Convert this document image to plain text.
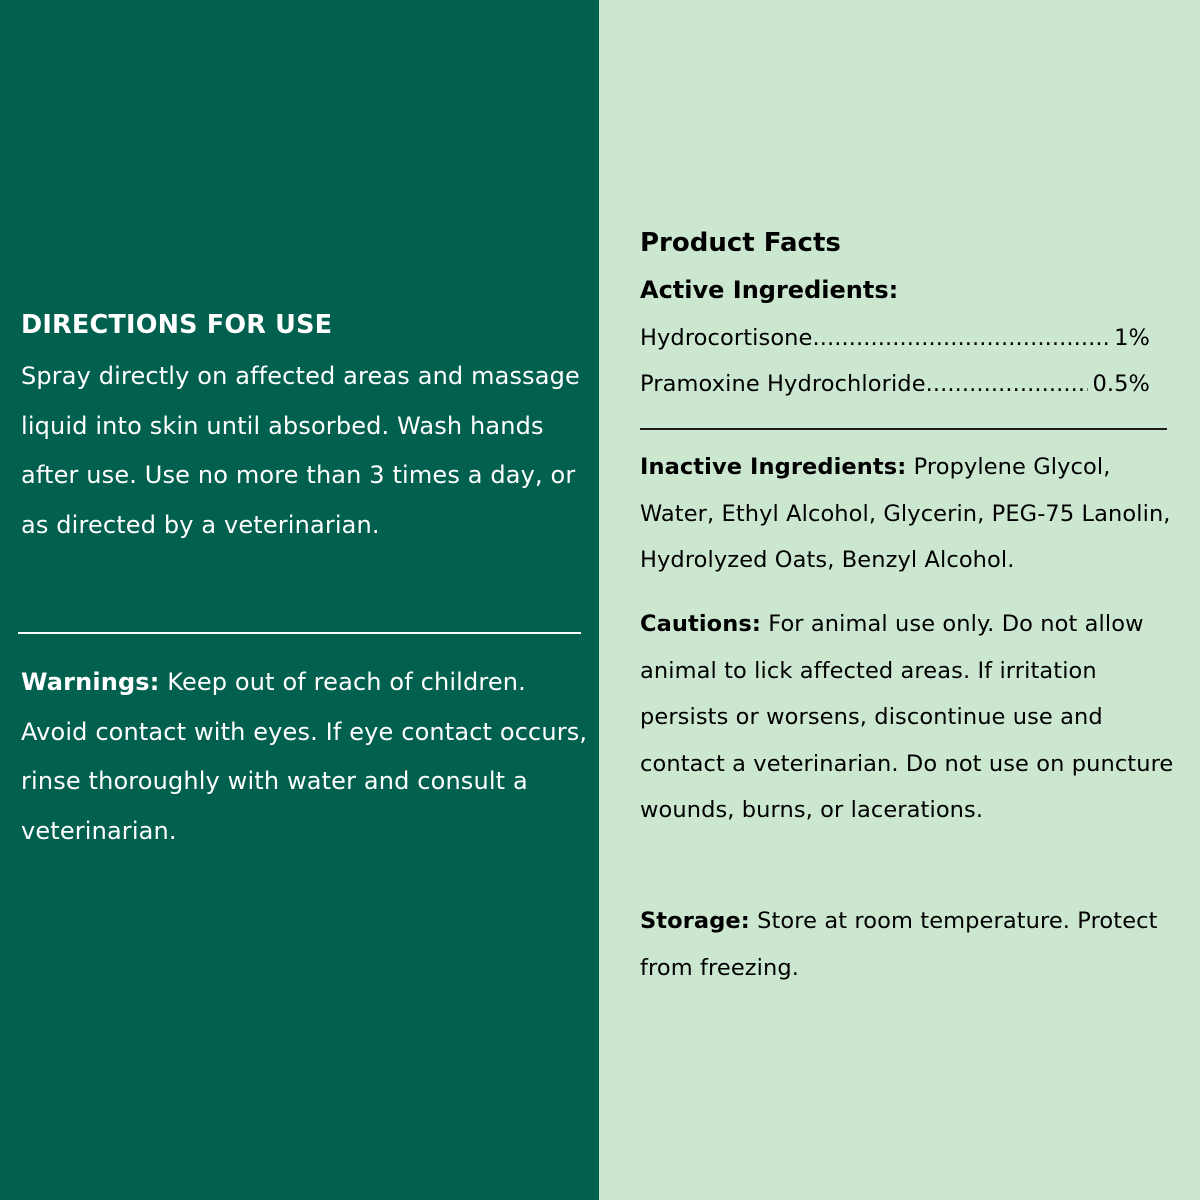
DIRECTIONS FOR USE

Spray directly on affected areas and massage liquid into skin until absorbed. Wash hands after use. Use no more than 3 times a day, or as directed by a veterinarian.

Warnings: Keep out of reach of children. Avoid contact with eyes. If eye contact occurs, rinse thoroughly with water and consult a veterinarian.

Product Facts
Active Ingredients:
Hydrocortisone .....	1%
Pramoxine Hydrochloride .....	0.5%

Inactive Ingredients: Propylene Glycol, Water, Ethyl Alcohol, Glycerin, PEG-75 Lanolin, Hydrolyzed Oats, Benzyl Alcohol.

Cautions: For animal use only. Do not allow animal to lick affected areas. If irritation persists or worsens, discontinue use and contact a veterinarian. Do not use on puncture wounds, burns, or lacerations.

Storage: Store at room temperature. Protect from freezing.
